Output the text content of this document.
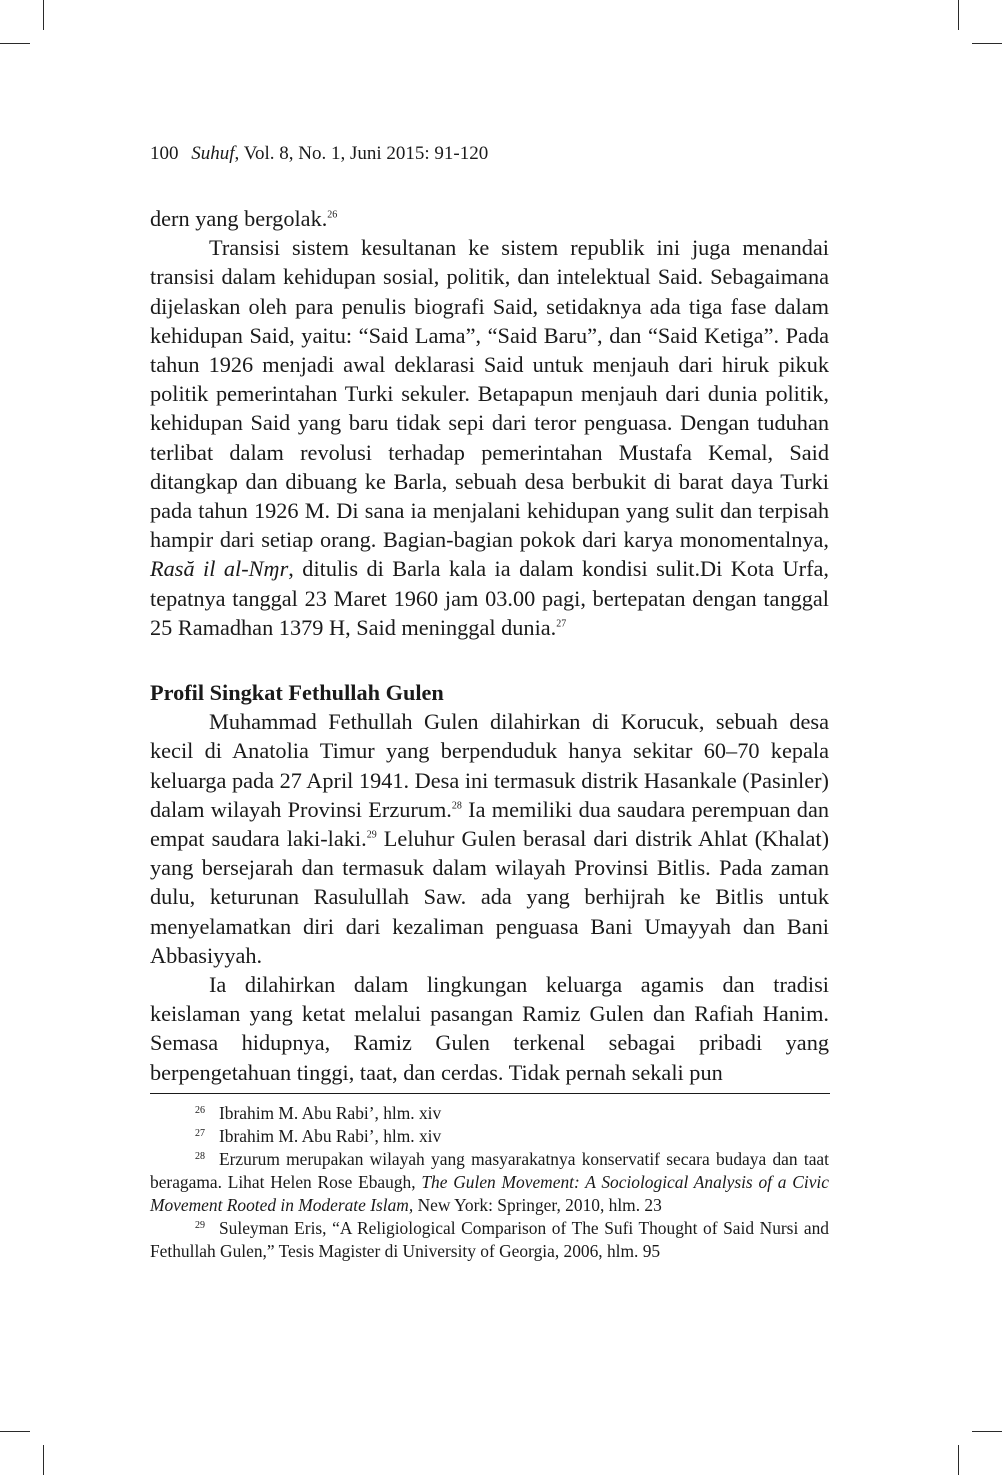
100 Suhuf, Vol. 8, No. 1, Juni 2015: 91-120

dern yang bergolak.$^{26}$

Transisi sistem kesultanan ke sistem republik ini juga menandai transisi dalam kehidupan sosial, politik, dan intelektual Said. Sebagaimana dijelaskan oleh para penulis biografi Said, setidaknya ada tiga fase dalam kehidupan Said, yaitu: “Said Lama”, “Said Baru”, dan “Said Ketiga”. Pada tahun 1926 menjadi awal deklarasi Said untuk menjauh dari hiruk pikuk politik pemerintahan Turki sekuler. Betapapun menjauh dari dunia politik, kehidupan Said yang baru tidak sepi dari teror penguasa. Dengan tuduhan terlibat dalam revolusi terhadap pemerintahan Mustafa Kemal, Said ditangkap dan dibuang ke Barla, sebuah desa berbukit di barat daya Turki pada tahun 1926 M. Di sana ia menjalani kehidupan yang sulit dan terpisah hampir dari setiap orang. Bagian-bagian pokok dari karya monomentalnya, Rasă il al-Nɱr, ditulis di Barla kala ia dalam kondisi sulit.Di Kota Urfa, tepatnya tanggal 23 Maret 1960 jam 03.00 pagi, bertepatan dengan tanggal 25 Ramadhan 1379 H, Said meninggal dunia.$^{27}$

Profil Singkat Fethullah Gulen

Muhammad Fethullah Gulen dilahirkan di Korucuk, sebuah desa kecil di Anatolia Timur yang berpenduduk hanya sekitar 60–70 kepala keluarga pada 27 April 1941. Desa ini termasuk distrik Hasankale (Pasinler) dalam wilayah Provinsi Erzurum.$^{28}$ Ia memiliki dua saudara perempuan dan empat saudara laki-laki.$^{29}$ Leluhur Gulen berasal dari distrik Ahlat (Khalat) yang bersejarah dan termasuk dalam wilayah Provinsi Bitlis. Pada zaman dulu, keturunan Rasulullah Saw. ada yang berhijrah ke Bitlis untuk menyelamatkan diri dari kezaliman penguasa Bani Umayyah dan Bani Abbasiyyah.

Ia dilahirkan dalam lingkungan keluarga agamis dan tradisi keislaman yang ketat melalui pasangan Ramiz Gulen dan Rafiah Hanim. Semasa hidupnya, Ramiz Gulen terkenal sebagai pribadi yang berpengetahuan tinggi, taat, dan cerdas. Tidak pernah sekali pun

$^{26}$ Ibrahim M. Abu Rabi’, hlm. xiv

$^{27}$ Ibrahim M. Abu Rabi’, hlm. xiv

$^{28}$ Erzurum merupakan wilayah yang masyarakatnya konservatif secara budaya dan taat beragama. Lihat Helen Rose Ebaugh, The Gulen Movement: A Sociological Analysis of a Civic Movement Rooted in Moderate Islam, New York: Springer, 2010, hlm. 23

$^{29}$ Suleyman Eris, “A Religiological Comparison of The Sufi Thought of Said Nursi and Fethullah Gulen,” Tesis Magister di University of Georgia, 2006, hlm. 95
